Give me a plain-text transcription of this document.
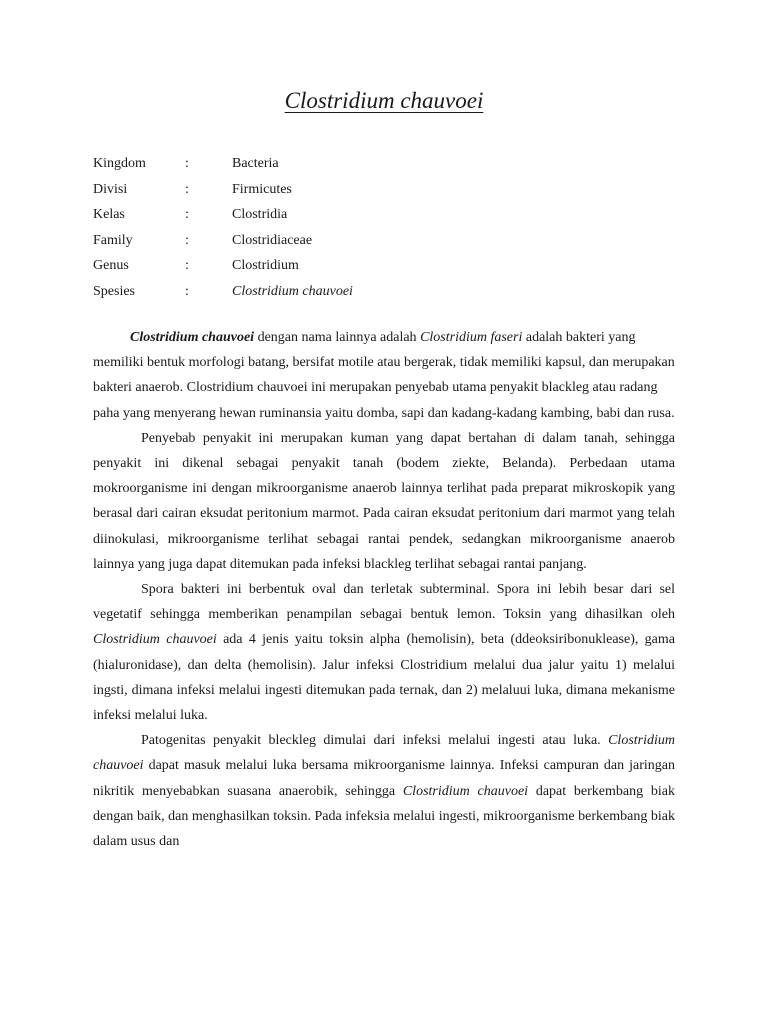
Clostridium chauvoei
Kingdom	:	Bacteria
Divisi	:	Firmicutes
Kelas	:	Clostridia
Family	:	Clostridiaceae
Genus	:	Clostridium
Spesies	:	Clostridium chauvoei

Clostridium chauvoei dengan nama lainnya adalah Clostridium faseri adalah bakteri yang memiliki bentuk morfologi batang, bersifat motile atau bergerak, tidak memiliki kapsul, dan merupakan bakteri anaerob. Clostridium chauvoei ini merupakan penyebab utama penyakit blackleg atau radang paha yang menyerang hewan ruminansia yaitu domba, sapi dan kadang-kadang kambing, babi dan rusa.

Penyebab penyakit ini merupakan kuman yang dapat bertahan di dalam tanah, sehingga penyakit ini dikenal sebagai penyakit tanah (bodem ziekte, Belanda). Perbedaan utama mokroorganisme ini dengan mikroorganisme anaerob lainnya terlihat pada preparat mikroskopik yang berasal dari cairan eksudat peritonium marmot. Pada cairan eksudat peritonium dari marmot yang telah diinokulasi, mikroorganisme terlihat sebagai rantai pendek, sedangkan mikroorganisme anaerob lainnya yang juga dapat ditemukan pada infeksi blackleg terlihat sebagai rantai panjang.

Spora bakteri ini berbentuk oval dan terletak subterminal. Spora ini lebih besar dari sel vegetatif sehingga memberikan penampilan sebagai bentuk lemon. Toksin yang dihasilkan oleh Clostridium chauvoei ada 4 jenis yaitu toksin alpha (hemolisin), beta (ddeoksiribonuklease), gama (hialuronidase), dan delta (hemolisin). Jalur infeksi Clostridium melalui dua jalur yaitu 1) melalui ingsti, dimana infeksi melalui ingesti ditemukan pada ternak, dan 2) melaluui luka, dimana mekanisme infeksi melalui luka.

Patogenitas penyakit bleckleg dimulai dari infeksi melalui ingesti atau luka. Clostridium chauvoei dapat masuk melalui luka bersama mikroorganisme lainnya. Infeksi campuran dan jaringan nikritik menyebabkan suasana anaerobik, sehingga Clostridium chauvoei dapat berkembang biak dengan baik, dan menghasilkan toksin. Pada infeksia melalui ingesti, mikroorganisme berkembang biak dalam usus dan
